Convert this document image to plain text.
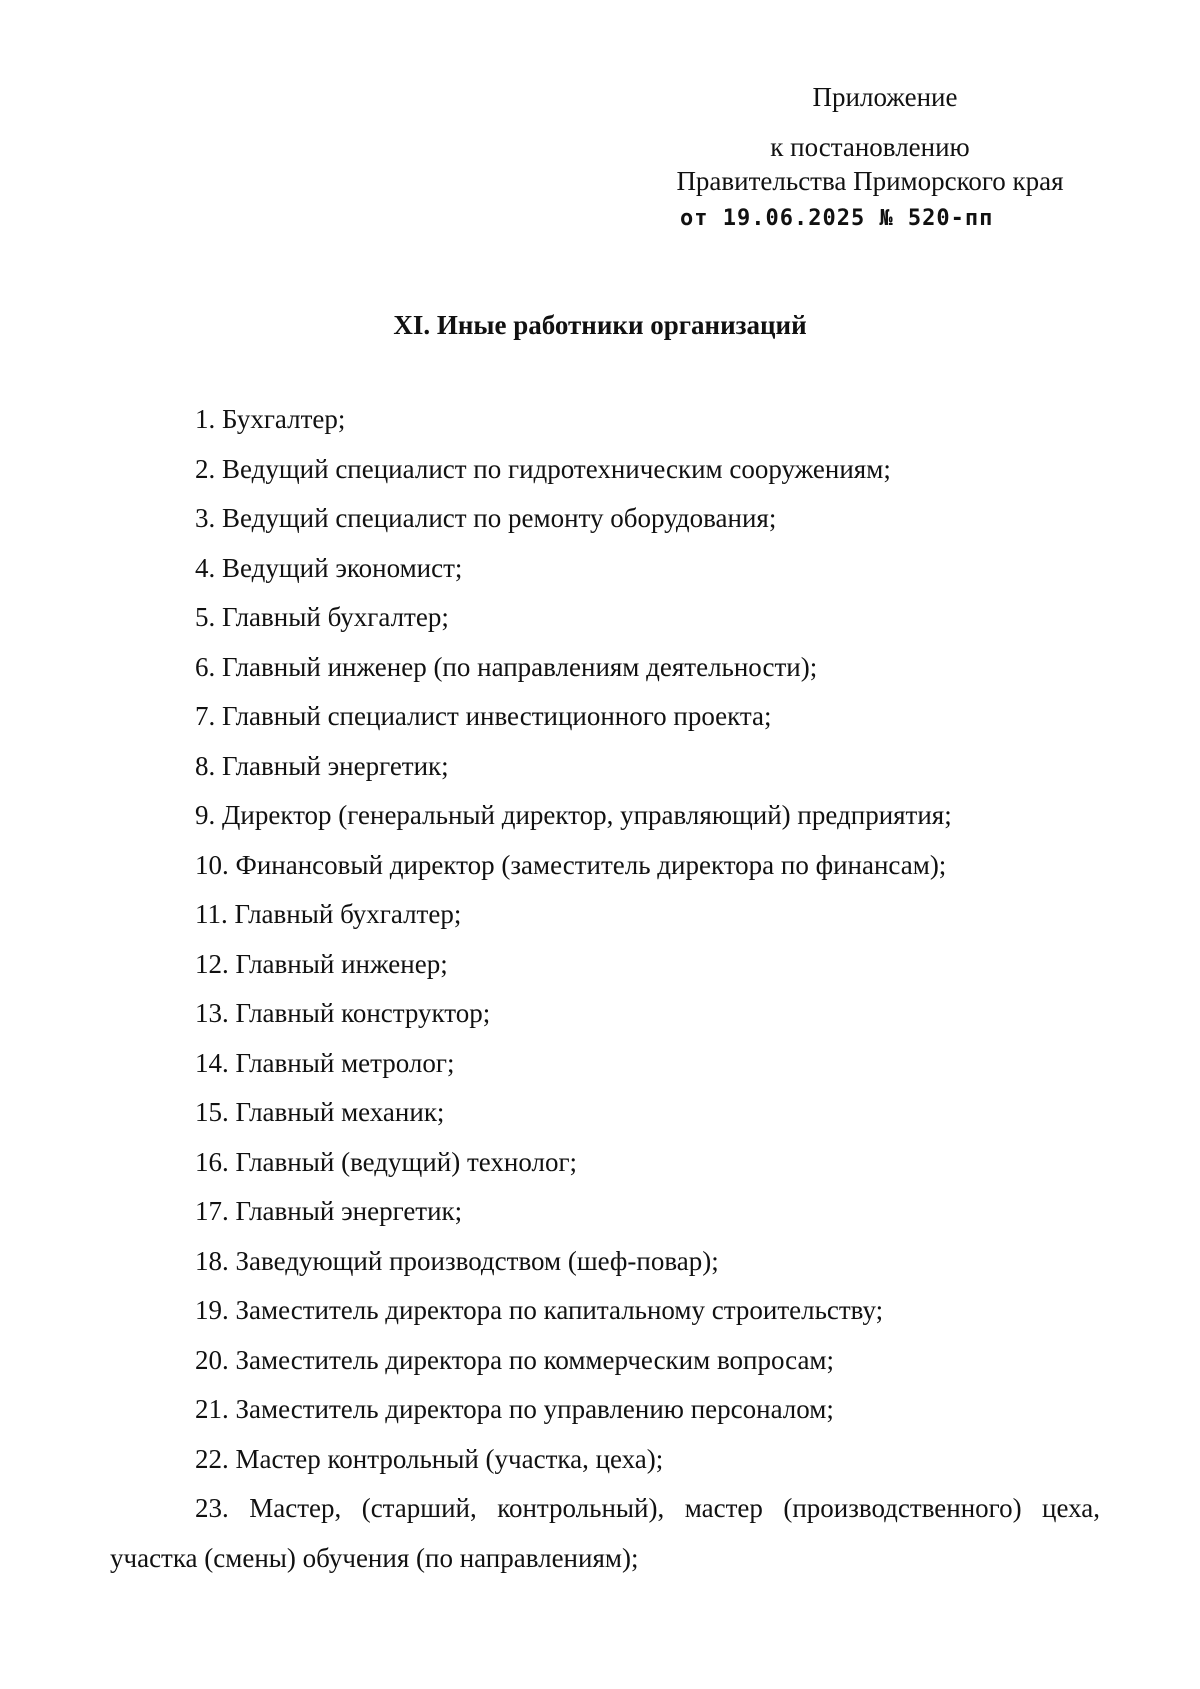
Приложение
к постановлению
Правительства Приморского края
от 19.06.2025 № 520-пп
XI. Иные работники организаций
1. Бухгалтер;
2. Ведущий специалист по гидротехническим сооружениям;
3. Ведущий специалист по ремонту оборудования;
4. Ведущий экономист;
5. Главный бухгалтер;
6. Главный инженер (по направлениям деятельности);
7. Главный специалист инвестиционного проекта;
8. Главный энергетик;
9. Директор (генеральный директор, управляющий) предприятия;
10. Финансовый директор (заместитель директора по финансам);
11. Главный бухгалтер;
12. Главный инженер;
13. Главный конструктор;
14. Главный метролог;
15. Главный механик;
16. Главный (ведущий) технолог;
17. Главный энергетик;
18. Заведующий производством (шеф-повар);
19. Заместитель директора по капитальному строительству;
20. Заместитель директора по коммерческим вопросам;
21. Заместитель директора по управлению персоналом;
22. Мастер контрольный (участка, цеха);
23. Мастер, (старший, контрольный), мастер (производственного) цеха, участка (смены) обучения (по направлениям);
